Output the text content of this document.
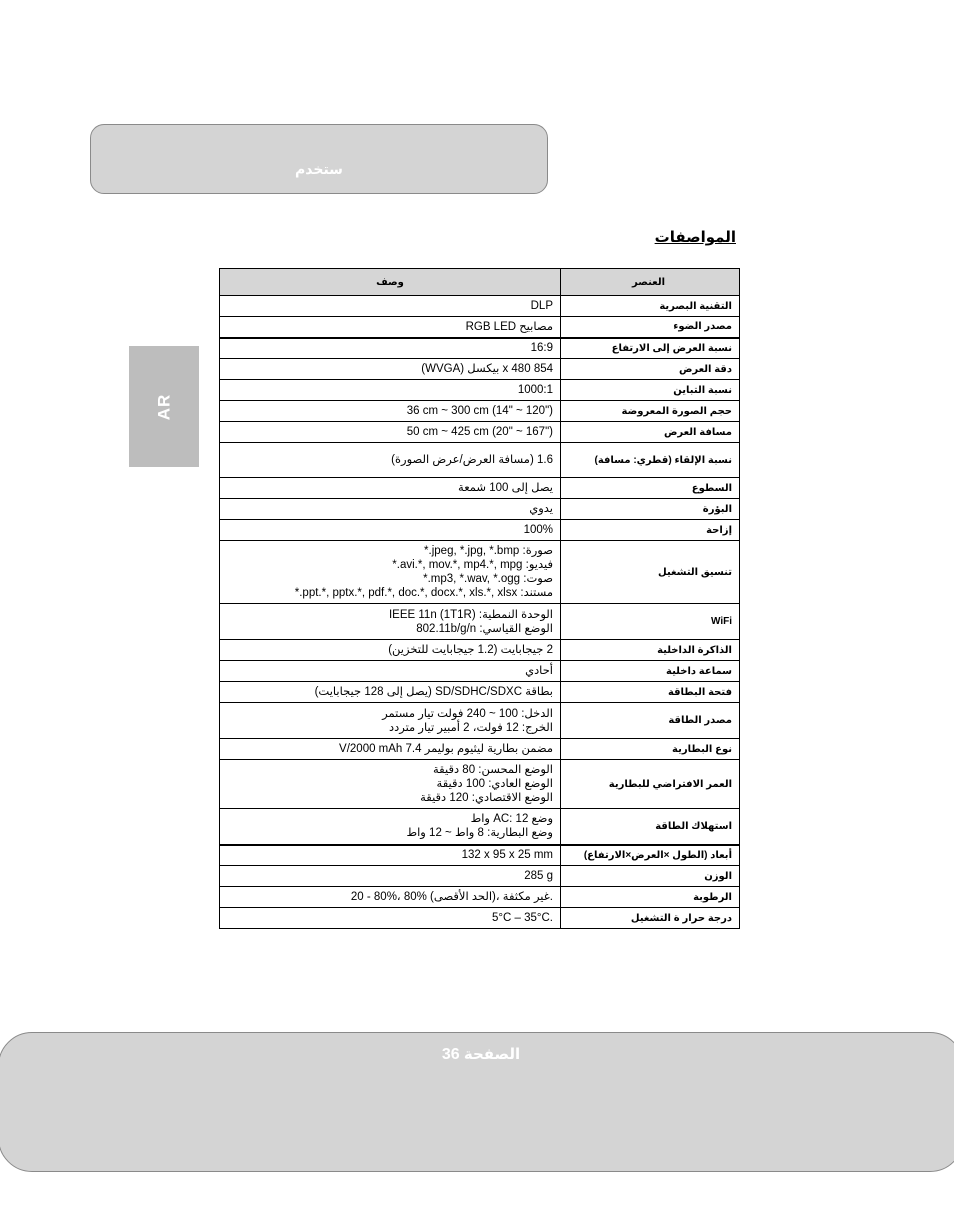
ستخدم
المواصفات
AR
وصف	العنصر

DLP	التقنية البصرية

مصابيح RGB LED	مصدر الضوء

16:9	نسبة العرض إلى الارتفاع

854 x 480 بيكسل (WVGA)	دقة العرض

1000:1	نسبة التباين

36 cm ~ 300 cm (14" ~ 120")	حجم الصورة المعروضة

50 cm ~ 425 cm (20" ~ 167")	مسافة العرض

1.6 (مسافة العرض/عرض الصورة)	نسبة الإلقاء (قطري: مسافة)

يصل إلى 100 شمعة	السطوع

يدوي	البؤرة

100%	إزاحة

صورة: jpeg, *.jpg, *.bmp.*
فيديو: avi.*, mov.*, mp4.*, mpg.*
صوت: mp3, *.wav, *.ogg.*
مستند: ppt.*, pptx.*, pdf.*, doc.*, docx.*, xls.*, xlsx.*	تنسيق التشغيل

الوحدة النمطية: IEEE 11n (1T1R)
الوضع القياسي: 802.11b/g/n	WiFi

2 جيجابايت (1.2 جيجابايت للتخزين)	الذاكرة الداخلية

أحادي	سماعة داخلية

بطاقة SD/SDHC/SDXC (يصل إلى 128 جيجابايت)	فتحة البطاقة

الدخل: 100 ~ 240 فولت تيار مستمر
الخرج: 12 فولت، 2 أمبير تيار متردد	مصدر الطاقة

مضمن بطارية ليثيوم بوليمر 7.4 V/2000 mAh	نوع البطارية

الوضع المحسن: 80 دقيقة
الوضع العادي: 100 دقيقة
الوضع الاقتصادي: 120 دقيقة	العمر الافتراضي للبطارية

وضع AC: 12 واط
وضع البطارية: 8 واط ~ 12 واط	استهلاك الطاقة

132 x 95 x 25 mm	أبعاد (الطول ×العرض×الارتفاع)

285 g	الوزن

20 - 80%، 80% (الحد الأقصى)، غير مكثفة.	الرطوبة

5°C – 35°C.	درجة حرار ة التشغيل
الصفحة 36
